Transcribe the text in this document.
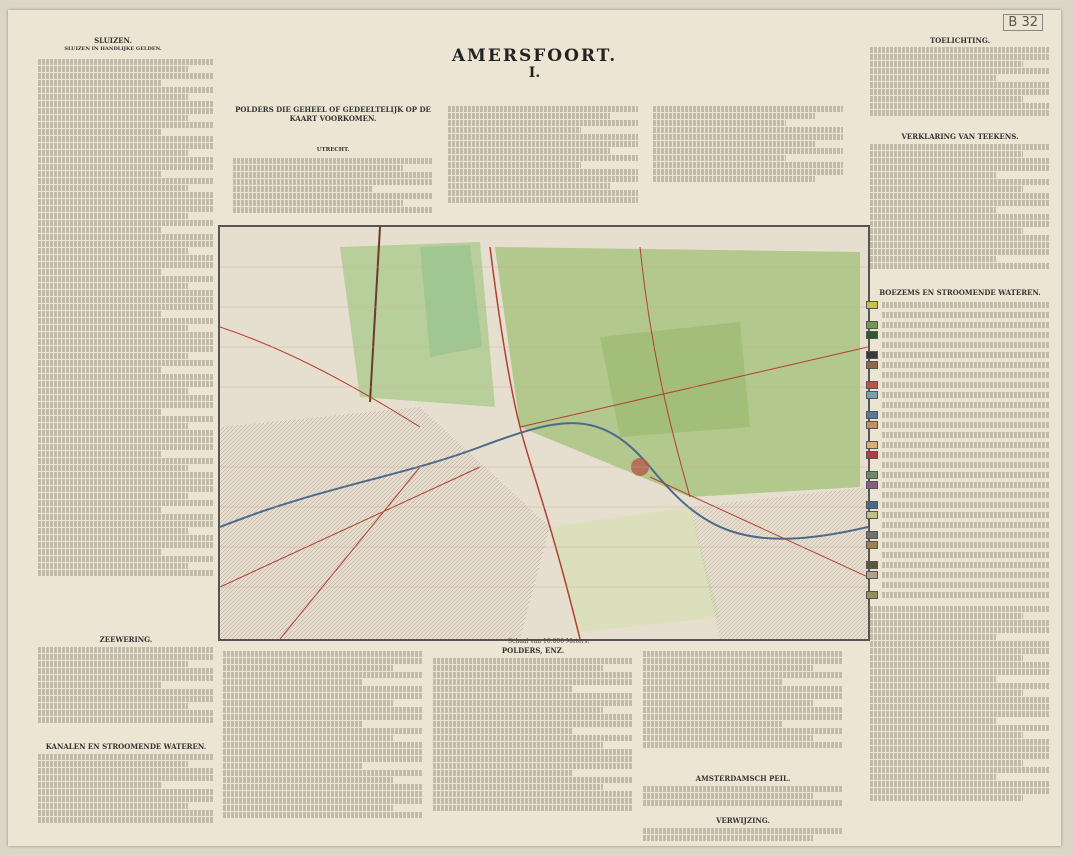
B 32
AMERSFOORT.
I.
SLUIZEN.
SLUIZEN IN HANDLIJKE GELDEN.
ZEEWERING.
KANALEN EN STROOMENDE WATEREN.
POLDERS DIE GEHEEL OF GEDEELTELIJK OP DE KAART VOORKOMEN.
UTRECHT.
Schaal van 10.000 Meters.
POLDERS, ENZ.
AMSTERDAMSCH PEIL.
VERWIJZING.
TOELICHTING.
VERKLARING VAN TEEKENS.
BOEZEMS EN STROOMENDE WATEREN.
